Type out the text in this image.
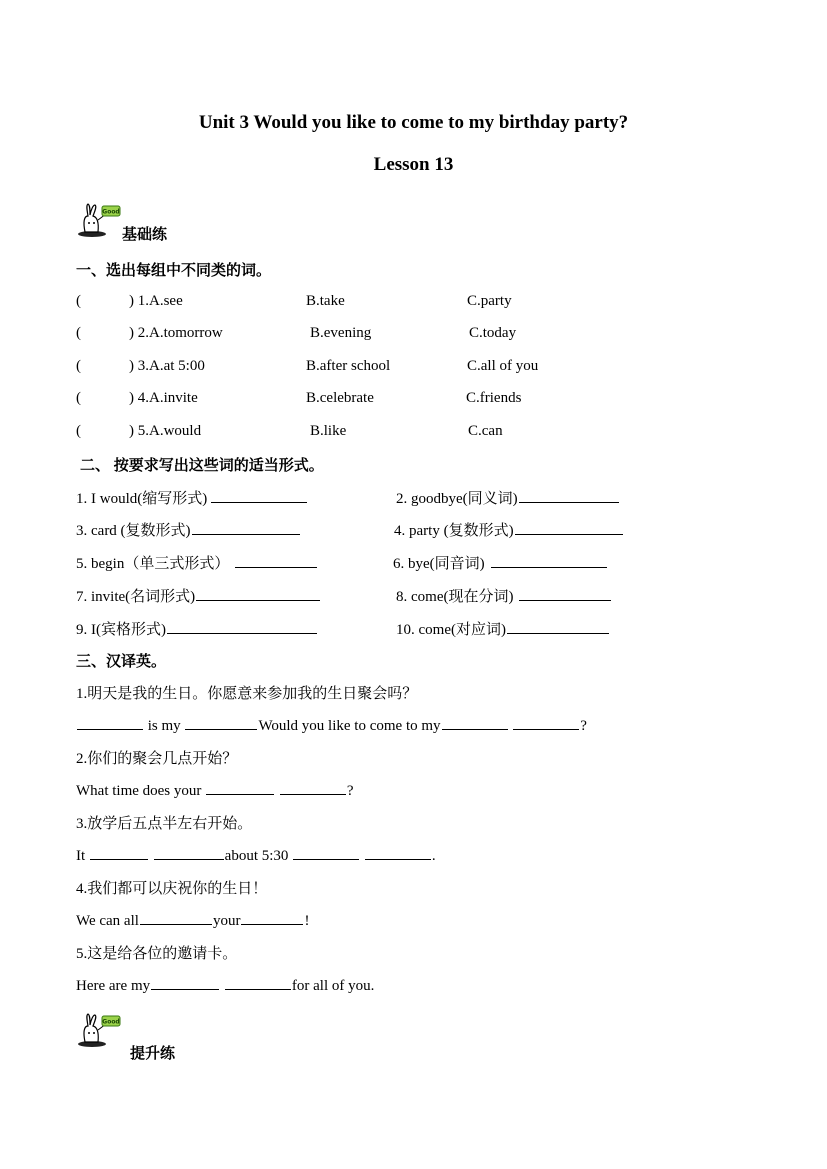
Unit 3 Would you like to come to my birthday party?
Lesson 13
基础练
一、选出每组中不同类的词。
(	) 1.A.see	B.take	C.party
(	) 2.A.tomorrow	B.evening	C.today
(	) 3.A.at 5:00	B.after school	C.all of you
(	) 4.A.invite	B.celebrate	C.friends
(	) 5.A.would	B.like	C.can
二、 按要求写出这些词的适当形式。
1. I would(缩写形式)	2. goodbye(同义词)
3. card (复数形式)	4. party (复数形式)
5. begin（单三式形式）	6. bye(同音词)
7. invite(名词形式)	8. come(现在分词)
9. I(宾格形式)	10. come(对应词)
三、汉译英。
1.明天是我的生日。你愿意来参加我的生日聚会吗？
is my	Would you like to come to my	?
2.你们的聚会几点开始？
What time does your	?
3.放学后五点半左右开始。
It	about 5:30	.
4.我们都可以庆祝你的生日！
We can all	your	!
5.这是给各位的邀请卡。
Here are my	for all of you.
提升练
